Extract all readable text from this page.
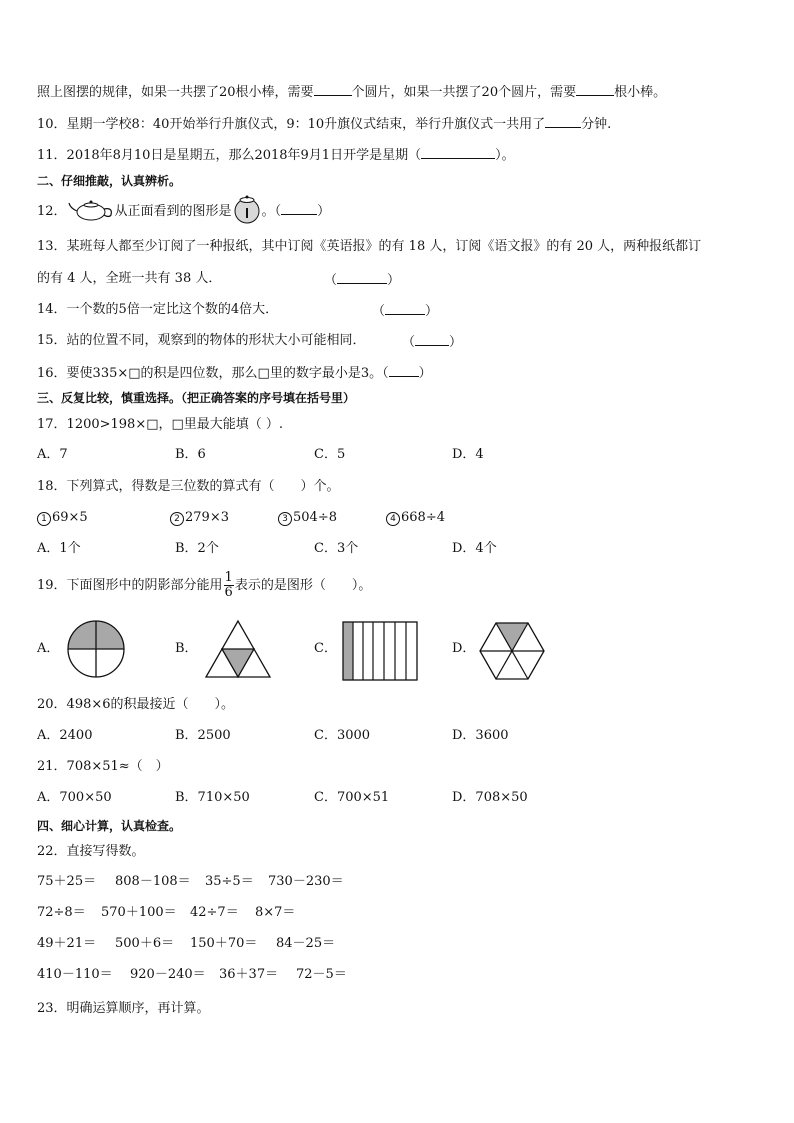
照上图摆的规律，如果一共摆了20根小棒，需要	个圆片，如果一共摆了20个圆片，需要	根小棒。
10．星期一学校8：40开始举行升旗仪式，9：10升旗仪式结束，举行升旗仪式一共用了	分钟.
11．2018年8月10日是星期五，那么2018年9月1日开学是星期（	）。
二、仔细推敲，认真辨析。
12．	从正面看到的图形是 。（	）
13．某班每人都至少订阅了一种报纸，其中订阅《英语报》的有 18 人，订阅《语文报》的有 20 人，两种报纸都订
的有 4 人，全班一共有 38 人．	（	）
14．一个数的5倍一定比这个数的4倍大．	（	）
15．站的位置不同，观察到的物体的形状大小可能相同．	（	）
16．要使335×□的积是四位数，那么□里的数字最小是3。（ ）
三、反复比较，慎重选择。（把正确答案的序号填在括号里）
17．1200>198×□，□里最大能填（ ）.
A．7	B．6	C．5	D．4
18．下列算式，得数是三位数的算式有（　　）个。
1 69×5	2 279×3	3 504÷8	4 668÷4
A．1个	B．2个	C．3个	D．4个
19．下面图形中的阴影部分能用 $\frac{1}{6}$ 表示的是图形（　　）。
A．	B．	C．	D．
20．498×6的积最接近（　　）。
A．2400	B．2500	C．3000	D．3600
21．708×51≈（　）
A．700×50	B．710×50	C．700×51	D．708×50
四、细心计算，认真检查。
22．直接写得数。
75＋25＝ 808－108＝ 35÷5＝ 730－230＝
72÷8＝ 570＋100＝ 42÷7＝ 8×7＝
49＋21＝ 500＋6＝ 150＋70＝ 84－25＝
410－110＝ 920－240＝ 36＋37＝ 72－5＝
23．明确运算顺序，再计算。
